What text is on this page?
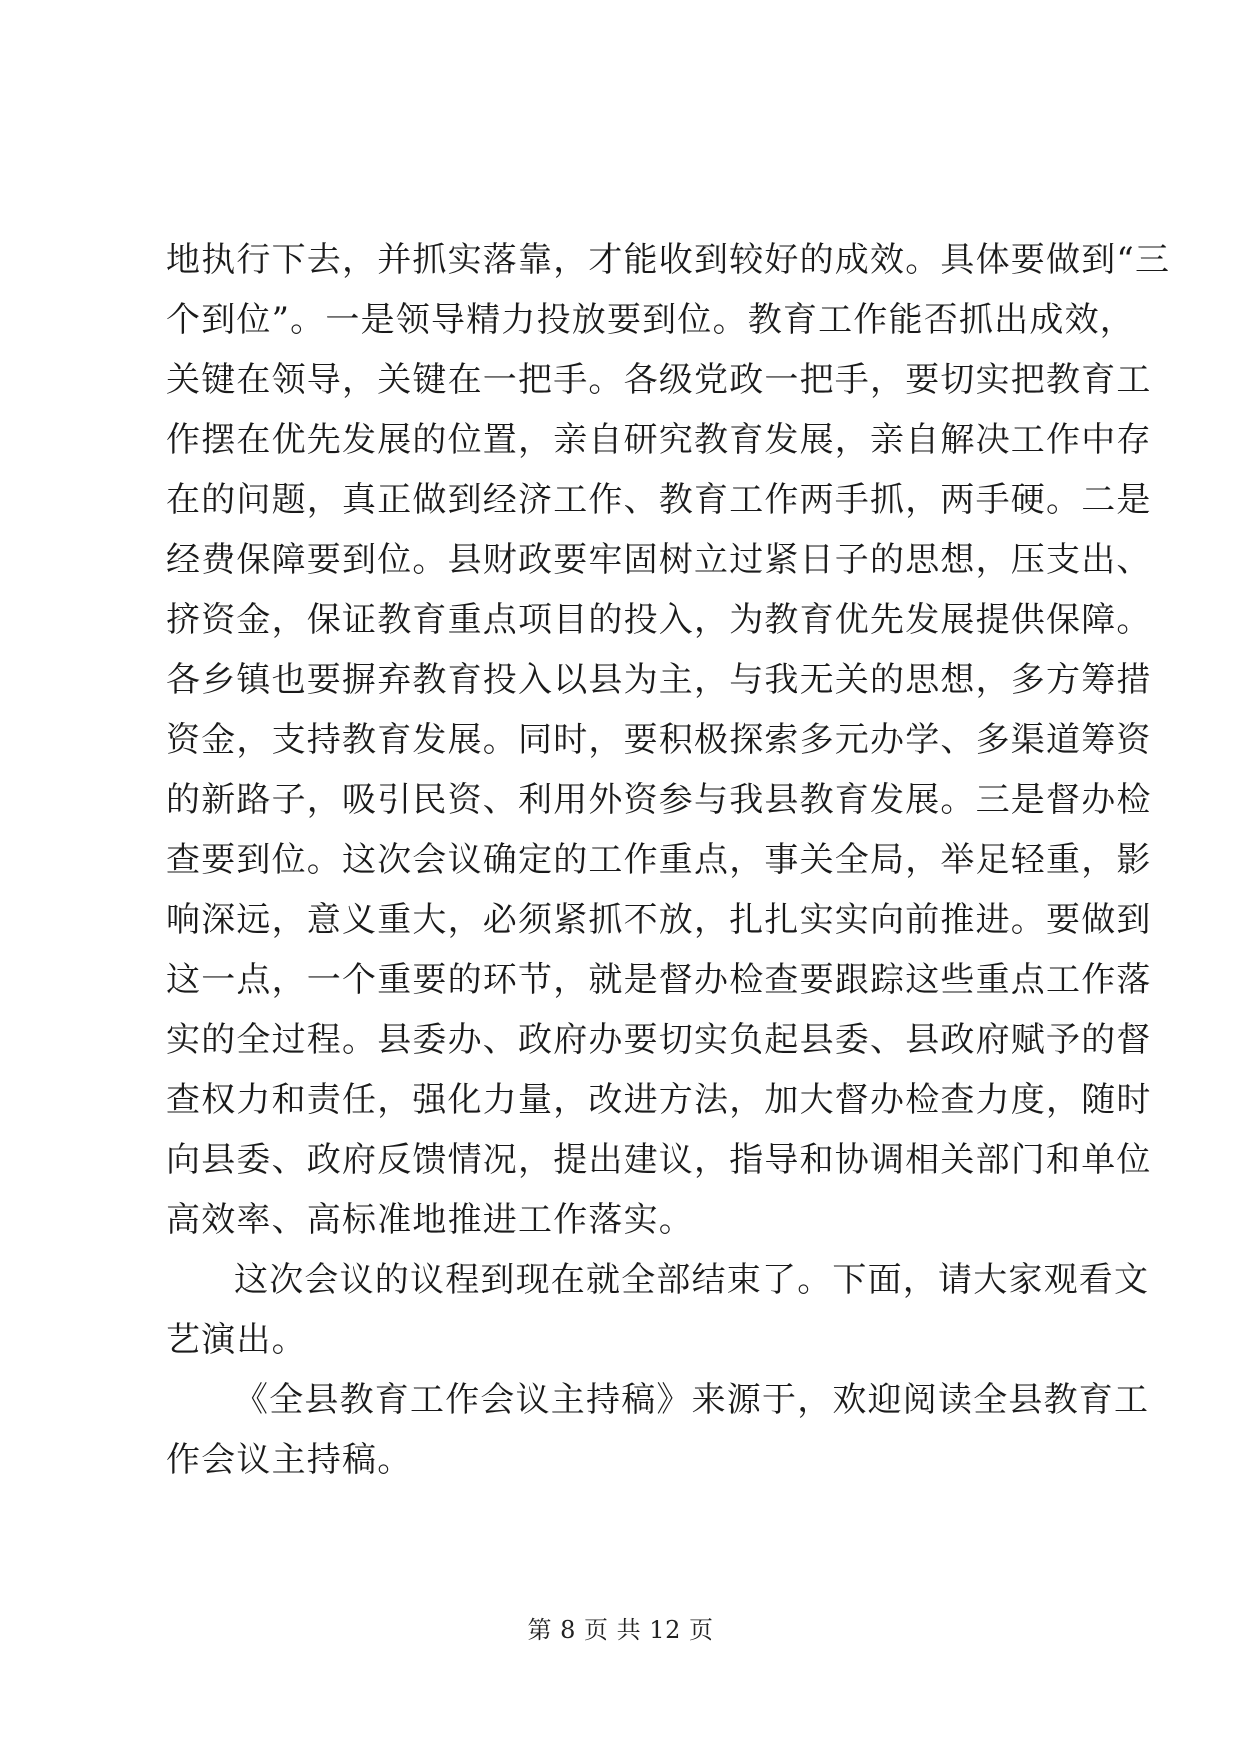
地执行下去，并抓实落靠，才能收到较好的成效。具体要做到“三
个到位”。一是领导精力投放要到位。教育工作能否抓出成效，
关键在领导，关键在一把手。各级党政一把手，要切实把教育工
作摆在优先发展的位置，亲自研究教育发展，亲自解决工作中存
在的问题，真正做到经济工作、教育工作两手抓，两手硬。二是
经费保障要到位。县财政要牢固树立过紧日子的思想，压支出、
挤资金，保证教育重点项目的投入，为教育优先发展提供保障。
各乡镇也要摒弃教育投入以县为主，与我无关的思想，多方筹措
资金，支持教育发展。同时，要积极探索多元办学、多渠道筹资
的新路子，吸引民资、利用外资参与我县教育发展。三是督办检
查要到位。这次会议确定的工作重点，事关全局，举足轻重，影
响深远，意义重大，必须紧抓不放，扎扎实实向前推进。要做到
这一点，一个重要的环节，就是督办检查要跟踪这些重点工作落
实的全过程。县委办、政府办要切实负起县委、县政府赋予的督
查权力和责任，强化力量，改进方法，加大督办检查力度，随时
向县委、政府反馈情况，提出建议，指导和协调相关部门和单位
高效率、高标准地推进工作落实。
这次会议的议程到现在就全部结束了。下面，请大家观看文
艺演出。
《全县教育工作会议主持稿》来源于，欢迎阅读全县教育工
作会议主持稿。
第 8 页 共 12 页
